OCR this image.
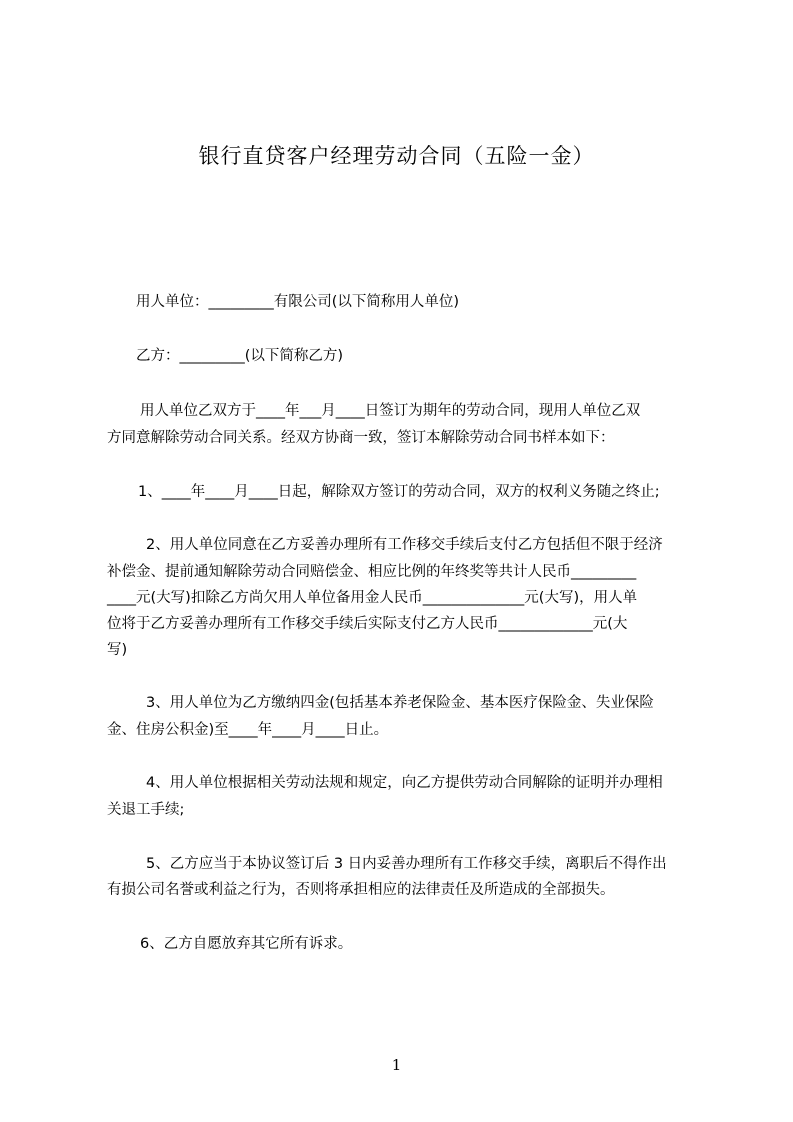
银行直贷客户经理劳动合同（五险一金）

用人单位：_________有限公司(以下简称用人单位)

乙方：_________(以下简称乙方)

用人单位乙双方于____年___月____日签订为期年的劳动合同，现用人单位乙双

方同意解除劳动合同关系。经双方协商一致，签订本解除劳动合同书样本如下：

1、____年____月____日起，解除双方签订的劳动合同，双方的权利义务随之终止;

2、用人单位同意在乙方妥善办理所有工作移交手续后支付乙方包括但不限于经济

补偿金、提前通知解除劳动合同赔偿金、相应比例的年终奖等共计人民币_________

____元(大写)扣除乙方尚欠用人单位备用金人民币______________元(大写)，用人单

位将于乙方妥善办理所有工作移交手续后实际支付乙方人民币_____________元(大

写)

3、用人单位为乙方缴纳四金(包括基本养老保险金、基本医疗保险金、失业保险

金、住房公积金)至____年____月____日止。

4、用人单位根据相关劳动法规和规定，向乙方提供劳动合同解除的证明并办理相

关退工手续;

5、乙方应当于本协议签订后 3 日内妥善办理所有工作移交手续，离职后不得作出

有损公司名誉或利益之行为，否则将承担相应的法律责任及所造成的全部损失。

6、乙方自愿放弃其它所有诉求。

1
